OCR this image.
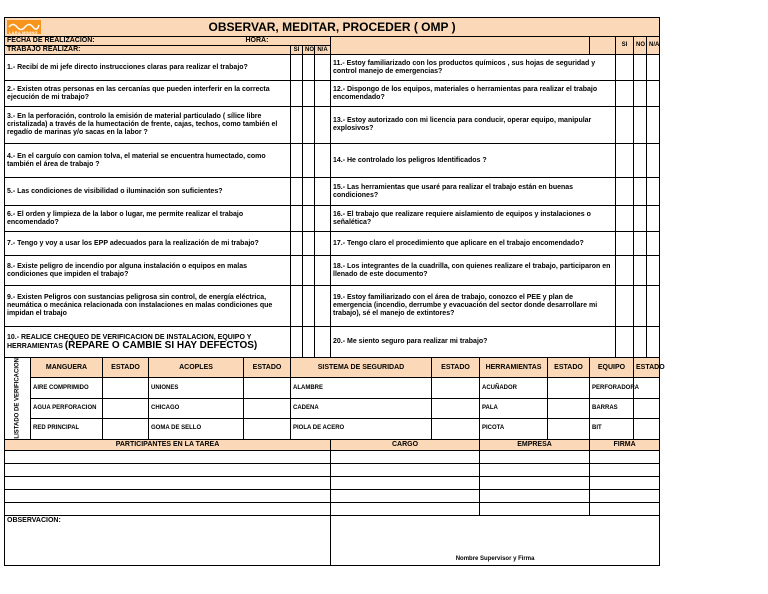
LARA MINING OBSERVAR, MEDITAR, PROCEDER ( OMP )															
FECHA DE REALIZACION:				HORA:									SI	NO	N/A
TRABAJO REALIZAR:					SI	NO	N/A								
1.- Recibí de mi jefe directo instrucciones claras para realizar el trabajo?								11.- Estoy familiarizado con los productos químicos , sus hojas de seguridad y control manejo de emergencias?							
2.- Existen otras personas en las cercanías que pueden interferir en la correcta ejecución de mi trabajo?								12.- Dispongo de los equipos, materiales o herramientas para realizar el trabajo encomendado?							
3.- En la perforación, controlo la emisión de material particulado ( sílice libre cristalizada) a través de la humectación de frente, cajas, techos, como también el regadío de marinas y/o sacas en la labor ?								13.- Estoy autorizado con mi licencia para conducir, operar equipo, manipular explosivos?							
4.- En el carguío con camion tolva, el material se encuentra humectado, como también el área de trabajo ?								14.- He controlado los peligros Identificados ?							
5.- Las condiciones de visibilidad o iluminación son suficientes?								15.- Las herramientas que usaré para realizar el trabajo están en buenas condiciones?							
6.- El orden y limpieza de la labor o lugar, me permite realizar el trabajo encomendado?								16.- El trabajo que realizare requiere aislamiento de equipos y instalaciones o señalética?							
7.- Tengo y voy a usar los EPP adecuados para la realización de mi trabajo?								17.- Tengo claro el procedimiento que aplicare en el trabajo encomendado?							
8.- Existe peligro de incendio por alguna instalación o equipos en malas condiciones que impiden el trabajo?								18.- Los integrantes de la cuadrilla, con quienes realizare el trabajo, participaron en llenado de este documento?							
9.- Existen Peligros con sustancias peligrosa sin control, de energía eléctrica, neumática o mecánica relacionada con instalaciones en malas condiciones que impidan el trabajo								19.- Estoy familiarizado con el área de trabajo, conozco el PEE y plan de emergencia (incendio, derrumbe y evacuación del sector donde desarrollare mi trabajo), sé el manejo de extintores?							
10.- REALICE CHEQUEO DE VERIFICACION DE INSTALACION, EQUIPO Y
HERRAMIENTAS (REPARE O CAMBIE SI HAY DEFECTOS)								20.- Me siento seguro para realizar mi trabajo?							
LISTADO DE VERIFICACION	MANGUERA	ESTADO	ACOPLES	ESTADO	SISTEMA DE SEGURIDAD				ESTADO	HERRAMIENTAS	ESTADO	EQUIPO		ESTADO	
	AIRE COMPRIMIDO		UNIONES		ALAMBRE					ACUÑADOR		PERFORADORA			
	AGUA PERFORACION		CHICAGO		CADENA					PALA		BARRAS			
	RED PRINCIPAL		GOMA DE SELLO		PIOLA DE ACERO					PICOTA		BIT			
PARTICIPANTES EN LA TAREA								CARGO		EMPRESA		FIRMA			

OBSERVACION:								Nombre Supervisor y Firma							
